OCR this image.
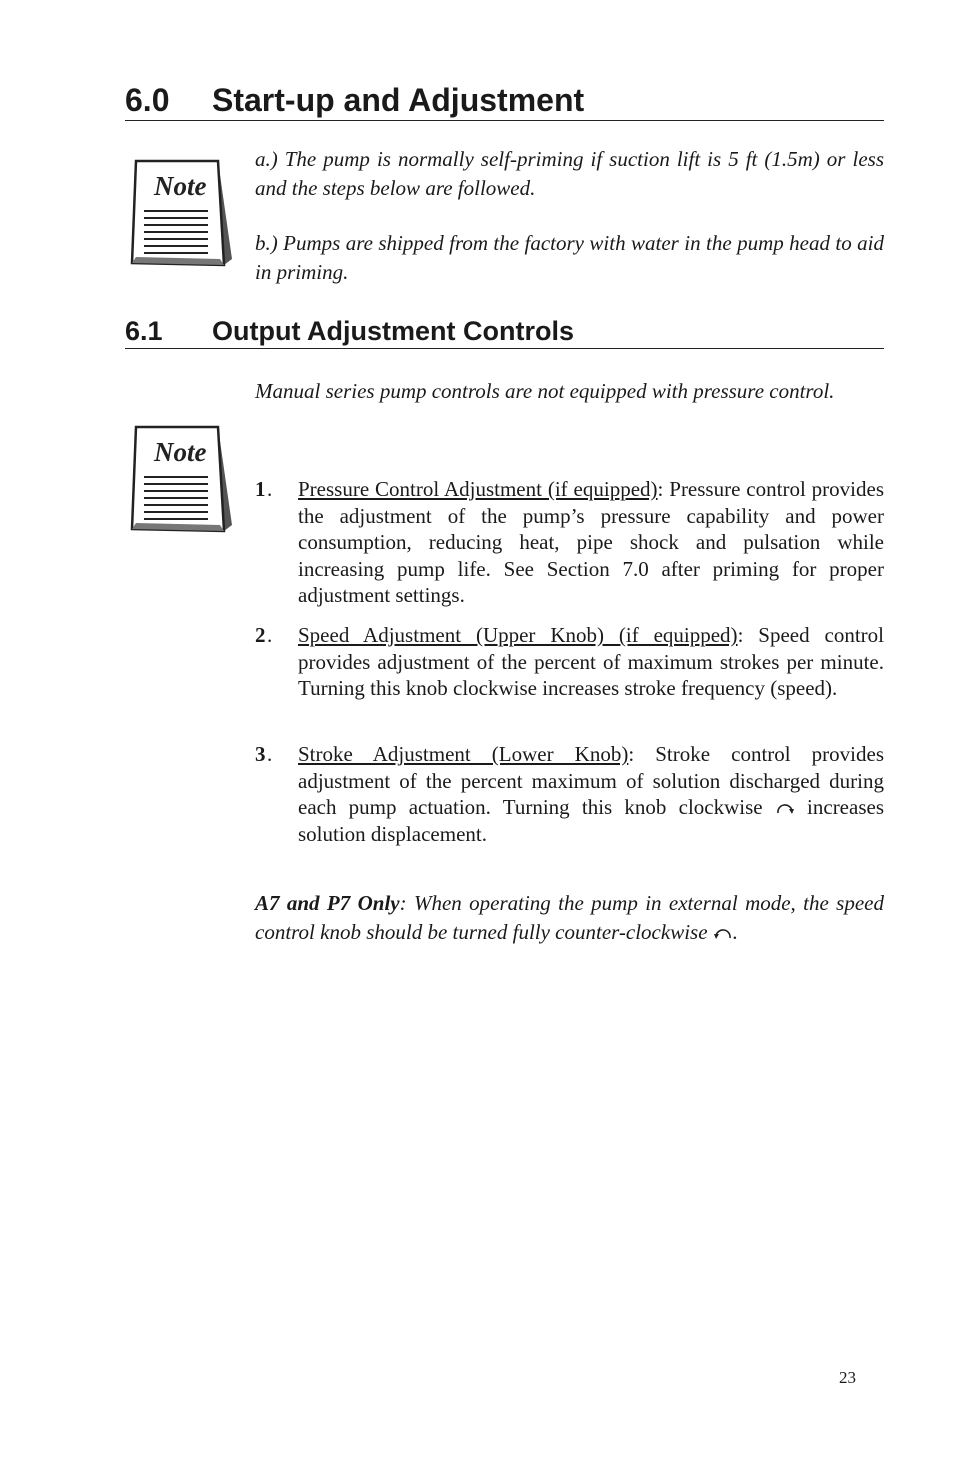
6.0 Start-up and Adjustment
Note

a.) The pump is normally self-priming if suction lift is 5 ft (1.5m) or less and the steps below are followed.

b.) Pumps are shipped from the factory with water in the pump head to aid in priming.

6.1 Output Adjustment Controls

Manual series pump controls are not equipped with pressure control.

Note
1 . Pressure Control Adjustment (if equipped): Pressure control provides the adjustment of the pump’s pressure capability and power consumption, reducing heat, pipe shock and pulsation while increasing pump life. See Section 7.0 after priming for proper adjustment settings.
2 . Speed Adjustment (Upper Knob) (if equipped): Speed control provides adjustment of the percent of maximum strokes per minute. Turning this knob clockwise increases stroke frequency (speed).
3 . Stroke Adjustment (Lower Knob): Stroke control provides adjustment of the percent maximum of solution discharged during each pump actuation. Turning this knob clockwise  increases solution displacement.

A7 and P7 Only: When operating the pump in external mode, the speed control knob should be turned fully counter-clockwise .

23
